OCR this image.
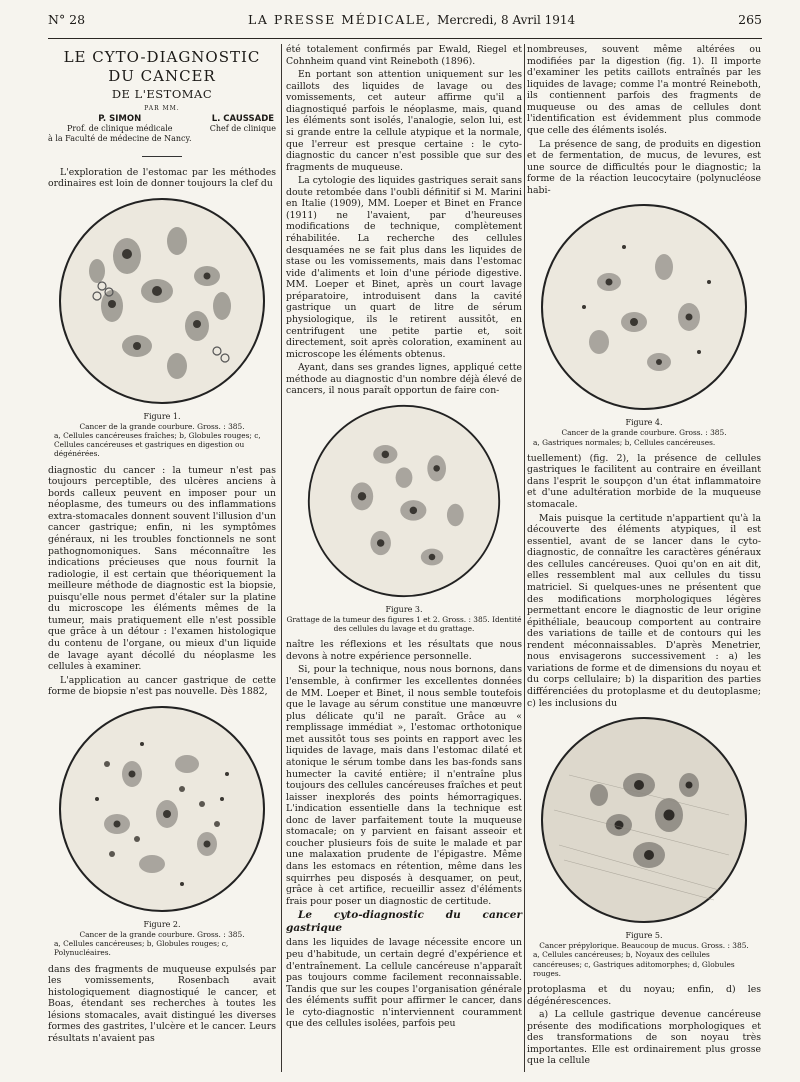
N° 28	LA PRESSE MÉDICALE, Mercredi, 8 Avril 1914	265
LE CYTO-DIAGNOSTIC DU CANCER
DE L'ESTOMAC
PAR MM.
P. SIMON
Prof. de clinique médicale
à la Faculté de médecine de Nancy.
L. CAUSSADE
Chef de clinique

L'exploration de l'estomac par les méthodes ordinaires est loin de donner toujours la clef du

Figure 1.
Cancer de la grande courbure. Gross. : 385.
a, Cellules cancéreuses fraîches; b, Globules rouges; c, Cellules cancéreuses et gastriques en digestion ou dégénérées.

diagnostic du cancer : la tumeur n'est pas toujours perceptible, des ulcères anciens à bords calleux peuvent en imposer pour un néoplasme, des tumeurs ou des inflammations extra-stomacales donnent souvent l'illusion d'un cancer gastrique; enfin, ni les symptômes généraux, ni les troubles fonctionnels ne sont pathognomoniques. Sans méconnaître les indications précieuses que nous fournit la radiologie, il est certain que théoriquement la meilleure méthode de diagnostic est la biopsie, puisqu'elle nous permet d'étaler sur la platine du microscope les éléments mêmes de la tumeur, mais pratiquement elle n'est possible que grâce à un détour : l'examen histologique du contenu de l'organe, ou mieux d'un liquide de lavage ayant décollé du néoplasme les cellules à examiner.

L'application au cancer gastrique de cette forme de biopsie n'est pas nouvelle. Dès 1882,

Figure 2.
Cancer de la grande courbure. Gross. : 385.
a, Cellules cancéreuses; b, Globules rouges; c, Polynucléaires.

dans des fragments de muqueuse expulsés par les vomissements, Rosenbach avait histologiquement diagnostiqué le cancer, et Boas, étendant ses recherches à toutes les lésions stomacales, avait distingué les diverses formes des gastrites, l'ulcère et le cancer. Leurs résultats n'avaient pas

été totalement confirmés par Ewald, Riegel et Cohnheim quand vint Reineboth (1896).

En portant son attention uniquement sur les caillots des liquides de lavage ou des vomissements, cet auteur affirme qu'il a diagnostiqué parfois le néoplasme, mais, quand les éléments sont isolés, l'analogie, selon lui, est si grande entre la cellule atypique et la normale, que l'erreur est presque certaine : le cyto-diagnostic du cancer n'est possible que sur des fragments de muqueuse.

La cytologie des liquides gastriques serait sans doute retombée dans l'oubli définitif si M. Marini en Italie (1909), MM. Loeper et Binet en France (1911) ne l'avaient, par d'heureuses modifications de technique, complètement réhabilitée. La recherche des cellules desquamées ne se fait plus dans les liquides de stase ou les vomissements, mais dans l'estomac vide d'aliments et loin d'une période digestive. MM. Loeper et Binet, après un court lavage préparatoire, introduisent dans la cavité gastrique un quart de litre de sérum physiologique, ils le retirent aussitôt, en centrifugent une petite partie et, soit directement, soit après coloration, examinent au microscope les éléments obtenus.

Ayant, dans ses grandes lignes, appliqué cette méthode au diagnostic d'un nombre déjà élevé de cancers, il nous paraît opportun de faire con-

Figure 3.
Grattage de la tumeur des figures 1 et 2. Gross. : 385. Identité des cellules du lavage et du grattage.

naître les réflexions et les résultats que nous devons à notre expérience personnelle.

Si, pour la technique, nous nous bornons, dans l'ensemble, à confirmer les excellentes données de MM. Loeper et Binet, il nous semble toutefois que le lavage au sérum constitue une manœuvre plus délicate qu'il ne paraît. Grâce au « remplissage immédiat », l'estomac orthotonique met aussitôt tous ses points en rapport avec les liquides de lavage, mais dans l'estomac dilaté et atonique le sérum tombe dans les bas-fonds sans humecter la cavité entière; il n'entraîne plus toujours des cellules cancéreuses fraîches et peut laisser inexplorés des points hémorragiques. L'indication essentielle dans la technique est donc de laver parfaitement toute la muqueuse stomacale; on y parvient en faisant asseoir et coucher plusieurs fois de suite le malade et par une malaxation prudente de l'épigastre. Même dans les estomacs en rétention, même dans les squirrhes peu disposés à desquamer, on peut, grâce à cet artifice, recueillir assez d'éléments frais pour poser un diagnostic de certitude.

Le cyto-diagnostic du cancer gastrique

dans les liquides de lavage nécessite encore un peu d'habitude, un certain degré d'expérience et d'entraînement. La cellule cancéreuse n'apparaît pas toujours comme facilement reconnaissable. Tandis que sur les coupes l'organisation générale des éléments suffit pour affirmer le cancer, dans le cyto-diagnostic n'interviennent couramment que des cellules isolées, parfois peu

nombreuses, souvent même altérées ou modifiées par la digestion (fig. 1). Il importe d'examiner les petits caillots entraînés par les liquides de lavage; comme l'a montré Reineboth, ils contiennent parfois des fragments de muqueuse ou des amas de cellules dont l'identification est évidemment plus commode que celle des éléments isolés.

La présence de sang, de produits en digestion et de fermentation, de mucus, de levures, est une source de difficultés pour le diagnostic; la forme de la réaction leucocytaire (polynucléose habi-

Figure 4.
Cancer de la grande courbure. Gross. : 385.
a, Gastriques normales; b, Cellules cancéreuses.

tuellement) (fig. 2), la présence de cellules gastriques le facilitent au contraire en éveillant dans l'esprit le soupçon d'un état inflammatoire et d'une adultération morbide de la muqueuse stomacale.

Mais puisque la certitude n'appartient qu'à la découverte des éléments atypiques, il est essentiel, avant de se lancer dans le cyto-diagnostic, de connaître les caractères généraux des cellules cancéreuses. Quoi qu'on en ait dit, elles ressemblent mal aux cellules du tissu matriciel. Si quelques-unes ne présentent que des modifications morphologiques légères permettant encore le diagnostic de leur origine épithéliale, beaucoup comportent au contraire des variations de taille et de contours qui les rendent méconnaissables. D'après Menetrier, nous envisagerons successivement : a) les variations de forme et de dimensions du noyau et du corps cellulaire; b) la disparition des parties différenciées du protoplasme et du deutoplasme; c) les inclusions du

Figure 5.
Cancer prépylorique. Beaucoup de mucus. Gross. : 385.
a, Cellules cancéreuses; b, Noyaux des cellules cancéreuses; c, Gastriques aditomorphes; d, Globules rouges.

protoplasma et du noyau; enfin, d) les dégénérescences.

a) La cellule gastrique devenue cancéreuse présente des modifications morphologiques et des transformations de son noyau très importantes. Elle est ordinairement plus grosse que la cellule
